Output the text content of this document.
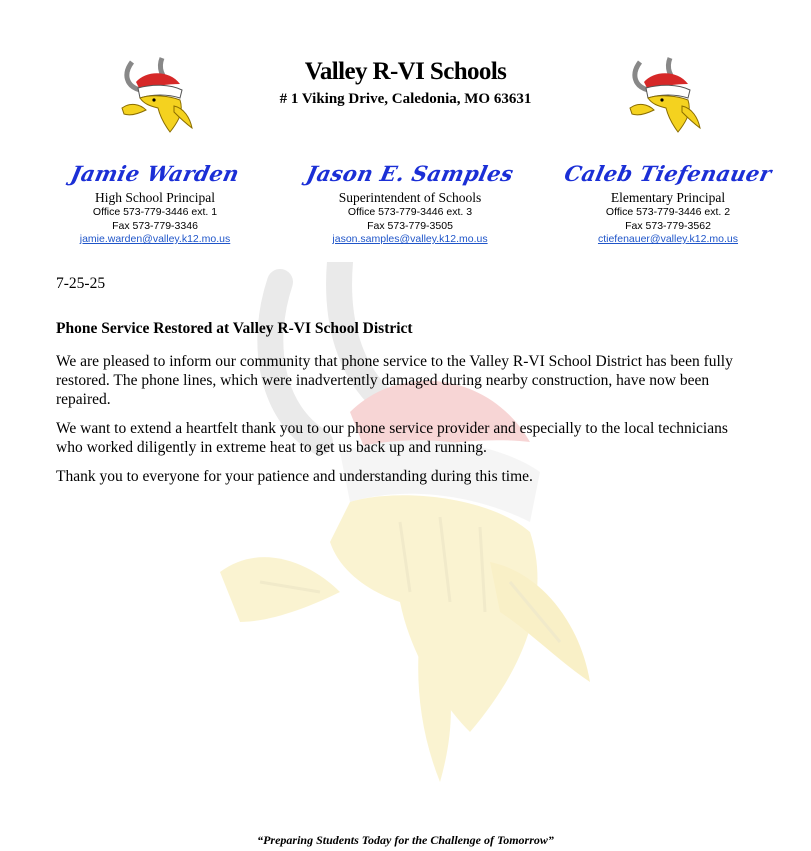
Valley R-VI Schools
# 1 Viking Drive, Caledonia, MO 63631
Jamie Warden
High School Principal
Office 573-779-3446 ext. 1
Fax 573-779-3346
jamie.warden@valley.k12.mo.us
Jason E. Samples
Superintendent of Schools
Office 573-779-3446 ext. 3
Fax 573-779-3505
jason.samples@valley.k12.mo.us
Caleb Tiefenauer
Elementary Principal
Office 573-779-3446 ext. 2
Fax 573-779-3562
ctiefenauer@valley.k12.mo.us

7-25-25

Phone Service Restored at Valley R-VI School District

We are pleased to inform our community that phone service to the Valley R-VI School District has been fully restored. The phone lines, which were inadvertently damaged during nearby construction, have now been repaired.

We want to extend a heartfelt thank you to our phone service provider and especially to the local technicians who worked diligently in extreme heat to get us back up and running.

Thank you to everyone for your patience and understanding during this time.

“Preparing Students Today for the Challenge of Tomorrow”
